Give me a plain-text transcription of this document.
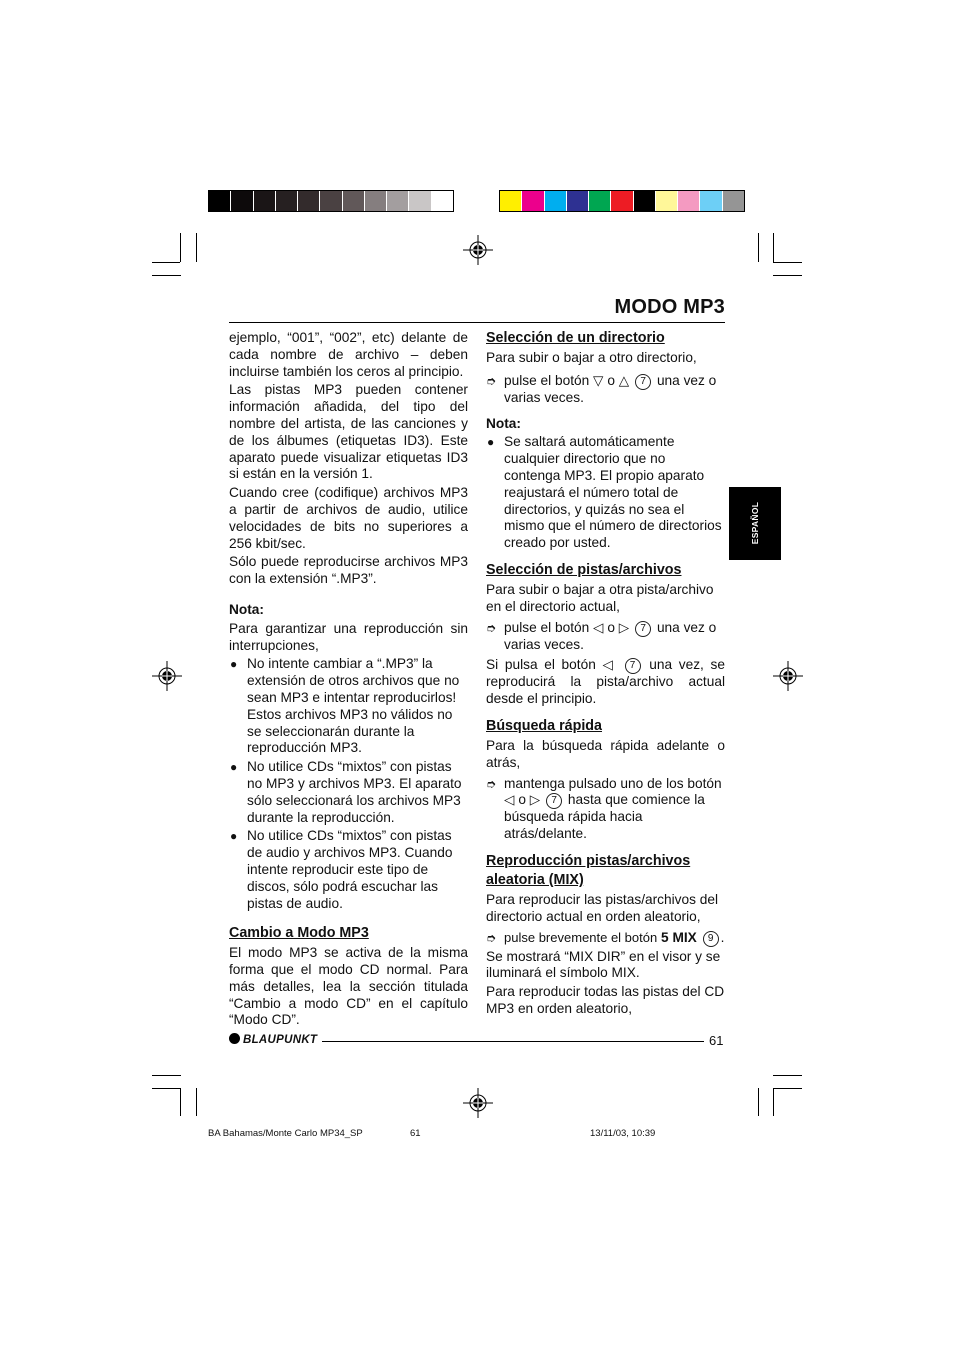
MODO MP3
ESPAÑOL

ejemplo, “001”, “002”, etc) delante de cada nombre de archivo – deben incluirse también los ceros al principio.

Las pistas MP3 pueden contener información añadida, del tipo del nombre del artista, de las canciones y de los álbumes (etiquetas ID3). Este aparato puede visualizar etiquetas ID3 si están en la versión 1.

Cuando cree (codifique) archivos MP3 a partir de archivos de audio, utilice velocidades de bits no superiores a 256 kbit/sec.

Sólo puede reproducirse archivos MP3 con la extensión “.MP3”.

Nota:

Para garantizar una reproducción sin interrupciones,

● No intente cambiar a “.MP3” la extensión de otros archivos que no sean MP3 e intentar reproducirlos! Estos archivos MP3 no válidos no se seleccionarán durante la reproducción MP3.
● No utilice CDs “mixtos” con pistas no MP3 y archivos MP3. El aparato sólo seleccionará los archivos MP3 durante la reproducción.
● No utilice CDs “mixtos” con pistas de audio y archivos MP3. Cuando intente reproducir este tipo de discos, sólo podrá escuchar las pistas de audio.

Cambio a Modo MP3

El modo MP3 se activa de la misma forma que el modo CD normal. Para más detalles, lea la sección titulada “Cambio a modo CD” en el capítulo “Modo CD”.

Selección de un directorio

Para subir o bajar a otro directorio,

➮ pulse el botón ▽ o △ 7 una vez o varias veces.

Nota:

● Se saltará automáticamente cualquier directorio que no contenga MP3. El propio aparato reajustará el número total de directorios, y quizás no sea el mismo que el número de directorios creado por usted.

Selección de pistas/archivos

Para subir o bajar a otra pista/archivo en el directorio actual,

➮ pulse el botón ◁ o ▷ 7 una vez o varias veces.

Si pulsa el botón ◁ 7 una vez, se reproducirá la pista/archivo actual desde el principio.

Búsqueda rápida

Para la búsqueda rápida adelante o atrás,

➮ mantenga pulsado uno de los botón ◁ o ▷ 7 hasta que comience la búsqueda rápida hacia atrás/delante.

Reproducción pistas/archivos aleatoria (MIX)

Para reproducir las pistas/archivos del directorio actual en orden aleatorio,

➮ pulse brevemente el botón 5 MIX 9 .

Se mostrará “MIX DIR” en el visor y se iluminará el símbolo MIX.

Para reproducir todas las pistas del CD MP3 en orden aleatorio,

BLAUPUNKT	61
BA Bahamas/Monte Carlo MP34_SP	61	13/11/03, 10:39
